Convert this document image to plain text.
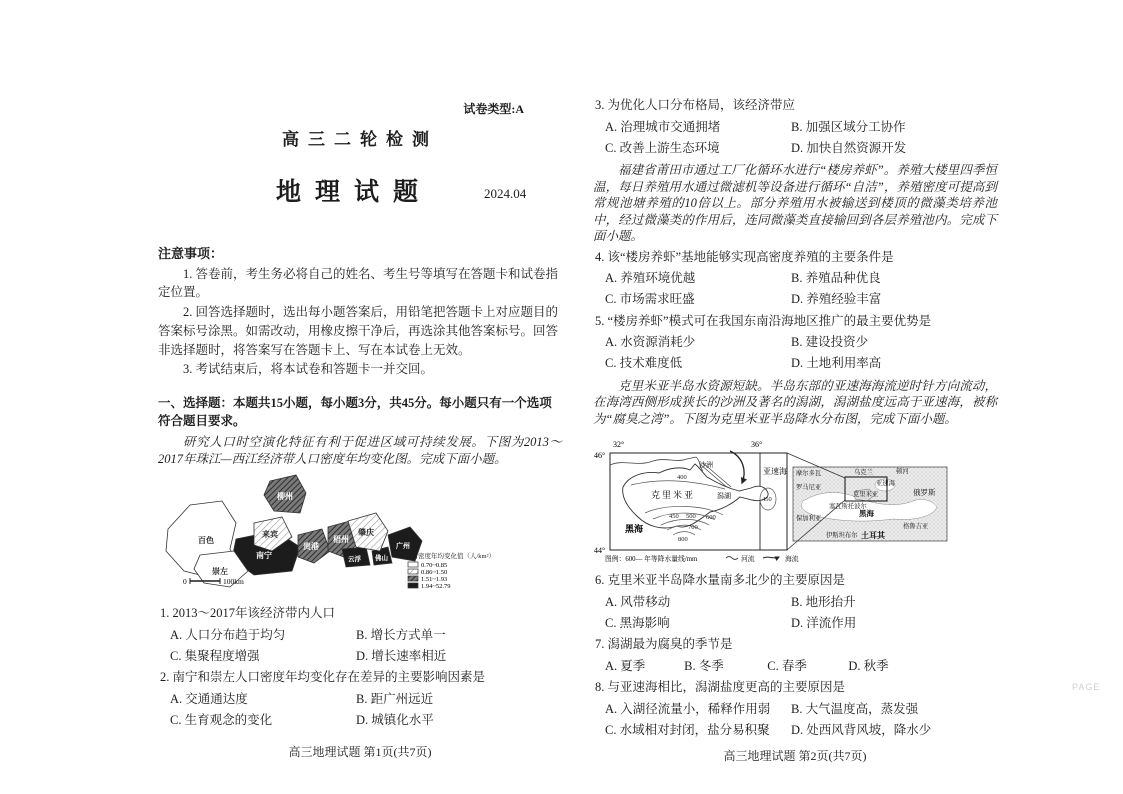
试卷类型:A
高三二轮检测
地理试题	2024.04
注意事项：

1. 答卷前，考生务必将自己的姓名、考生号等填写在答题卡和试卷指定位置。

2. 回答选择题时，选出每小题答案后，用铅笔把答题卡上对应题目的答案标号涂黑。如需改动，用橡皮擦干净后，再选涂其他答案标号。回答非选择题时，将答案写在答题卡上、写在本试卷上无效。

3. 考试结束后，将本试卷和答题卡一并交回。

一、选择题：本题共15小题，每小题3分，共45分。每小题只有一个选项符合题目要求。

研究人口时空演化特征有利于促进区域可持续发展。下图为2013～2017年珠江—西江经济带人口密度年均变化图。完成下面小题。

百色
崇左
柳州
来宾
南宁
贵港
梧州
肇庆
云浮 佛山
广州
人口密度年均变化值（人/km²）
0.70~0.85
0.86~1.50
1.51~1.93
1.94~52.79
0	100km

1. 2013～2017年该经济带内人口

A. 人口分布趋于均匀	B. 增长方式单一
C. 集聚程度增强	D. 增长速率相近

2. 南宁和崇左人口密度年均变化存在差异的主要影响因素是

A. 交通通达度	B. 距广州远近
C. 生育观念的变化	D. 城镇化水平
高三地理试题 第1页(共7页)

3. 为优化人口分布格局，该经济带应

A. 治理城市交通拥堵	B. 加强区域分工协作
C. 改善上游生态环境	D. 加快自然资源开发

福建省莆田市通过工厂化循环水进行“楼房养虾”。养殖大楼里四季恒温，每日养殖用水通过微滤机等设备进行循环“自洁”，养殖密度可提高到常规池塘养殖的10倍以上。部分养殖用水被输送到楼顶的微藻类培养池中，经过微藻类的作用后，连同微藻类直接输回到各层养殖池内。完成下面小题。

4. 该“楼房养虾”基地能够实现高密度养殖的主要条件是

A. 养殖环境优越	B. 养殖品种优良
C. 市场需求旺盛	D. 养殖经验丰富

5. “楼房养虾”模式可在我国东南沿海地区推广的最主要优势是

A. 水资源消耗少	B. 建设投资少
C. 技术难度低	D. 土地利用率高

克里米亚半岛水资源短缺。半岛东部的亚速海海流逆时针方向流动，在海湾西侧形成狭长的沙洲及著名的潟湖，潟湖盐度远高于亚速海，被称为“腐臭之湾”。下图为克里米亚半岛降水分布图，完成下面小题。

32°	36°
46°
44°
400
450 500 600
700
800
450
沙洲
亚速海
克里米亚	潟湖
黑海
摩尔多瓦	乌克兰	顿河
罗马尼亚
亚速海
克里米亚	俄罗斯
塞瓦斯托波尔
黑海
保加利亚
格鲁吉亚
伊斯坦布尔 土耳其
图例：600— 年等降水量线/mm	河流	海流

6. 克里米亚半岛降水量南多北少的主要原因是

A. 风带移动	B. 地形抬升
C. 黑海影响	D. 洋流作用

7. 潟湖最为腐臭的季节是

A. 夏季	B. 冬季	C. 春季	D. 秋季

8. 与亚速海相比，潟湖盐度更高的主要原因是

A. 入湖径流量小，稀释作用弱 B. 大气温度高，蒸发强
C. 水域相对封闭，盐分易积聚 D. 处西风背风坡，降水少
高三地理试题 第2页(共7页)
PAGE
